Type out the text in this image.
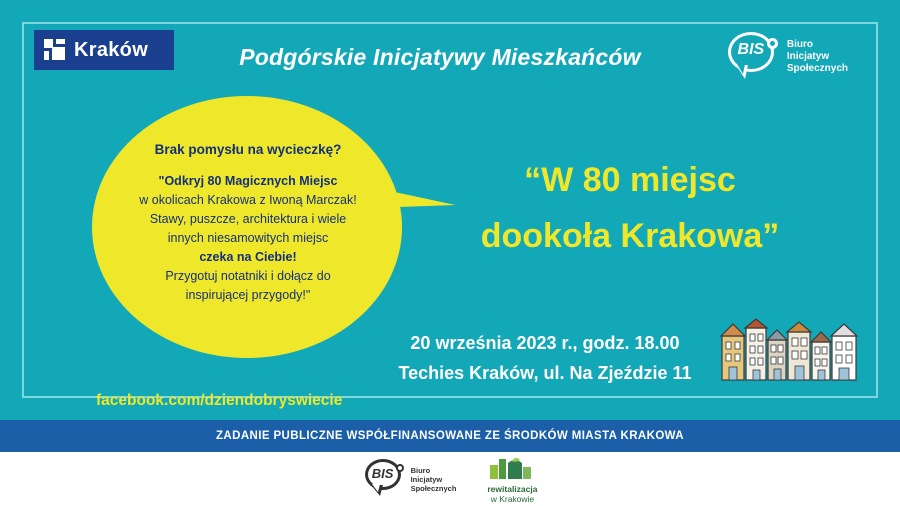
Kraków	Podgórskie Inicjatywy Mieszkańców	BIS	Biuro
Inicjatyw
Społecznych
Brak pomysłu na wycieczkę?

"Odkryj 80 Magicznych Miejsc

w okolicach Krakowa z Iwoną Marczak!

Stawy, puszcze, architektura i wiele

innych niesamowitych miejsc

czeka na Ciebie!

Przygotuj notatniki i dołącz do

inspirującej przygody!"

facebook.com/dziendobryswiecie
“W 80 miejsc
dookoła Krakowa”
20 września 2023 r., godz. 18.00
Techies Kraków, ul. Na Zjeździe 11
ZADANIE PUBLICZNE WSPÓŁFINANSOWANE ZE ŚRODKÓW MIASTA KRAKOWA
BIS	Biuro
Inicjatyw
Społecznych	rewitalizacja
w Krakowie
